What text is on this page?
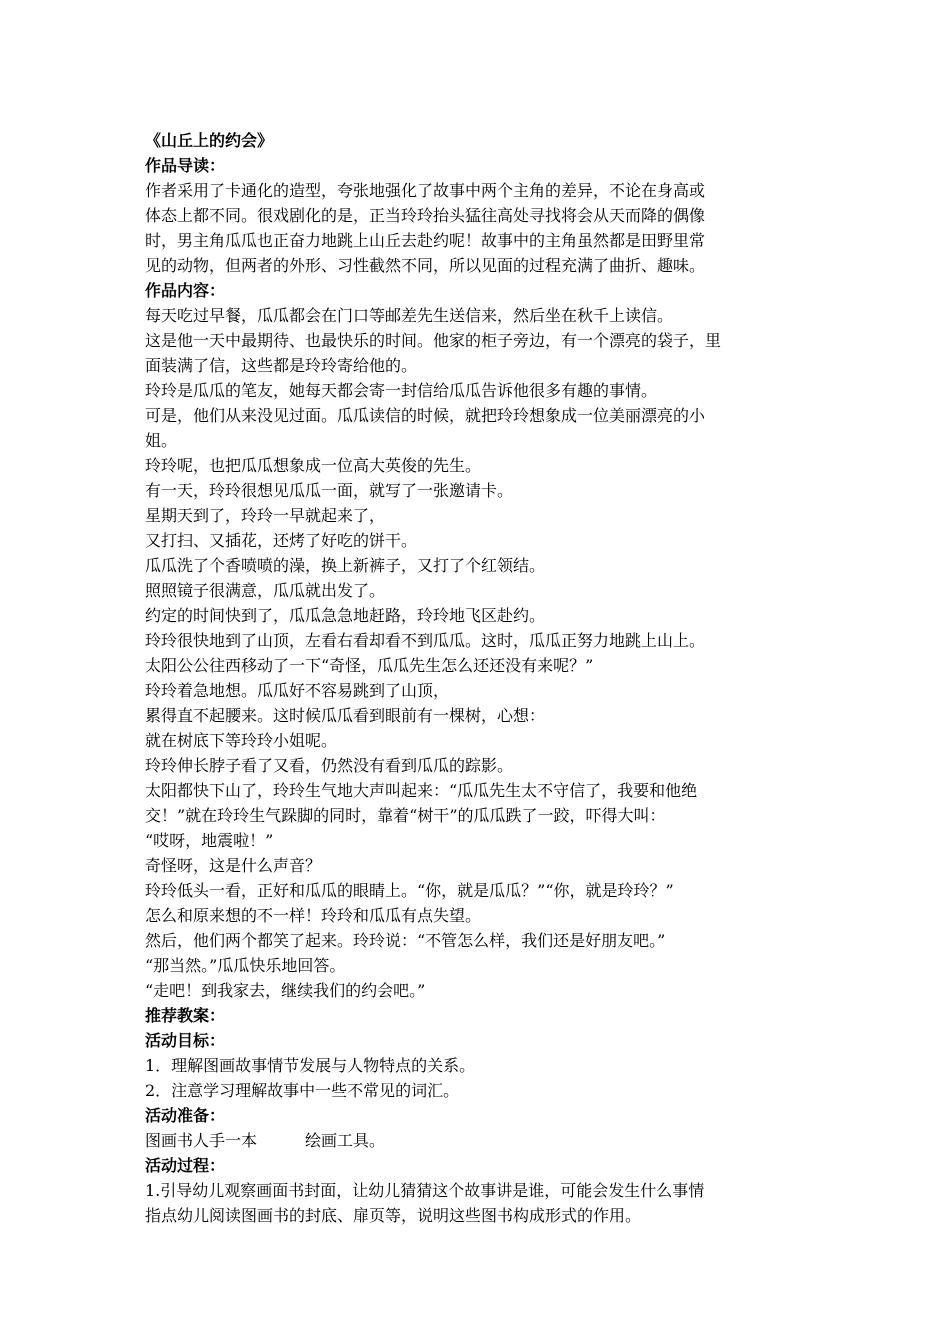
《山丘上的约会》
作品导读：
作者采用了卡通化的造型，夸张地强化了故事中两个主角的差异，不论在身高或
体态上都不同。很戏剧化的是，正当玲玲抬头猛往高处寻找将会从天而降的偶像
时，男主角瓜瓜也正奋力地跳上山丘去赴约呢！故事中的主角虽然都是田野里常
见的动物，但两者的外形、习性截然不同，所以见面的过程充满了曲折、趣味。
作品内容：
每天吃过早餐，瓜瓜都会在门口等邮差先生送信来，然后坐在秋千上读信。
这是他一天中最期待、也最快乐的时间。他家的柜子旁边，有一个漂亮的袋子，里
面装满了信，这些都是玲玲寄给他的。
玲玲是瓜瓜的笔友，她每天都会寄一封信给瓜瓜告诉他很多有趣的事情。
可是，他们从来没见过面。瓜瓜读信的时候，就把玲玲想象成一位美丽漂亮的小
姐。
玲玲呢，也把瓜瓜想象成一位高大英俊的先生。
有一天，玲玲很想见瓜瓜一面，就写了一张邀请卡。
星期天到了，玲玲一早就起来了，
又打扫、又插花，还烤了好吃的饼干。
瓜瓜洗了个香喷喷的澡，换上新裤子，又打了个红领结。
照照镜子很满意，瓜瓜就出发了。
约定的时间快到了，瓜瓜急急地赶路，玲玲地飞区赴约。
玲玲很快地到了山顶，左看右看却看不到瓜瓜。这时，瓜瓜正努力地跳上山上。
太阳公公往西移动了一下“奇怪，瓜瓜先生怎么还还没有来呢？”
玲玲着急地想。瓜瓜好不容易跳到了山顶，
累得直不起腰来。这时候瓜瓜看到眼前有一棵树，心想：
就在树底下等玲玲小姐呢。
玲玲伸长脖子看了又看，仍然没有看到瓜瓜的踪影。
太阳都快下山了，玲玲生气地大声叫起来：“瓜瓜先生太不守信了，我要和他绝
交！”就在玲玲生气跺脚的同时，靠着“树干”的瓜瓜跌了一跤，吓得大叫：
“哎呀，地震啦！”
奇怪呀，这是什么声音？
玲玲低头一看，正好和瓜瓜的眼睛上。“你，就是瓜瓜？”“你，就是玲玲？”
怎么和原来想的不一样！玲玲和瓜瓜有点失望。
然后，他们两个都笑了起来。玲玲说：“不管怎么样，我们还是好朋友吧。”
“那当然。”瓜瓜快乐地回答。
“走吧！到我家去，继续我们的约会吧。”
推荐教案：
活动目标：
1．理解图画故事情节发展与人物特点的关系。
2．注意学习理解故事中一些不常见的词汇。
活动准备：
图画书人手一本	绘画工具。
活动过程：
1.引导幼儿观察画面书封面，让幼儿猜猜这个故事讲是谁，可能会发生什么事情
指点幼儿阅读图画书的封底、扉页等，说明这些图书构成形式的作用。
